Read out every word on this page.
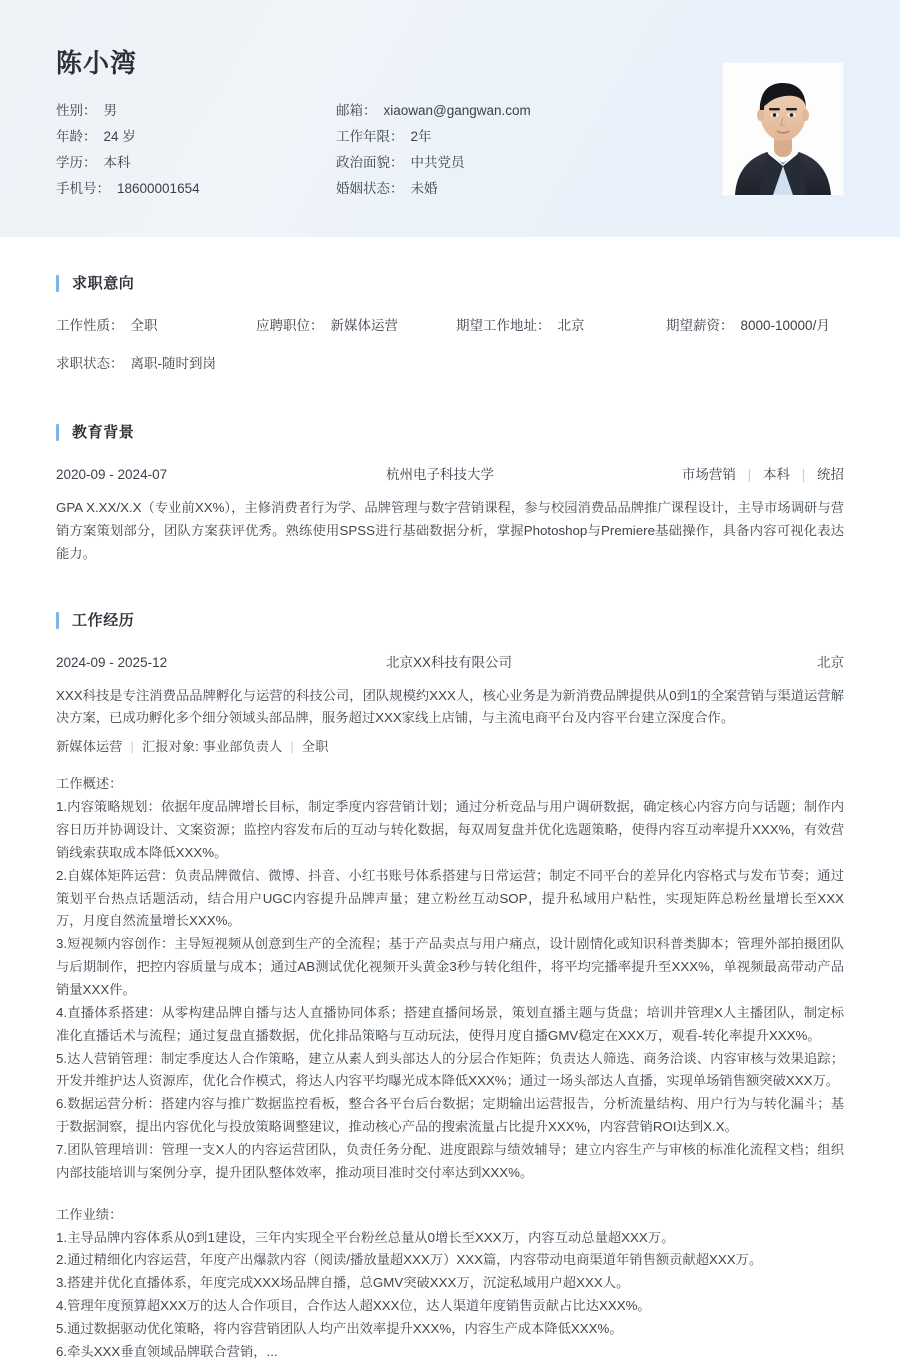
陈小湾
性别： 男	邮箱： xiaowan@gangwan.com
年龄： 24 岁	工作年限： 2年
学历： 本科	政治面貌： 中共党员
手机号： 18600001654	婚姻状态： 未婚
求职意向
工作性质： 全职	应聘职位： 新媒体运营	期望工作地址： 北京	期望薪资： 8000-10000/月
求职状态： 离职-随时到岗
教育背景
2020-09 - 2024-07	杭州电子科技大学	市场营销 | 本科 | 统招

GPA X.XX/X.X（专业前XX%），主修消费者行为学、品牌管理与数字营销课程，参与校园消费品品牌推广课程设计，主导市场调研与营销方案策划部分，团队方案获评优秀。熟练使用SPSS进行基础数据分析，掌握Photoshop与Premiere基础操作，具备内容可视化表达能力。

工作经历
2024-09 - 2025-12	北京XX科技有限公司	北京

XXX科技是专注消费品品牌孵化与运营的科技公司，团队规模约XXX人，核心业务是为新消费品牌提供从0到1的全案营销与渠道运营解决方案，已成功孵化多个细分领域头部品牌，服务超过XXX家线上店铺，与主流电商平台及内容平台建立深度合作。

新媒体运营 | 汇报对象: 事业部负责人 | 全职

工作概述：

1.内容策略规划：依据年度品牌增长目标，制定季度内容营销计划；通过分析竞品与用户调研数据，确定核心内容方向与话题；制作内容日历并协调设计、文案资源；监控内容发布后的互动与转化数据，每双周复盘并优化选题策略，使得内容互动率提升XXX%，有效营销线索获取成本降低XXX%。

2.自媒体矩阵运营：负责品牌微信、微博、抖音、小红书账号体系搭建与日常运营；制定不同平台的差异化内容格式与发布节奏；通过策划平台热点话题活动，结合用户UGC内容提升品牌声量；建立粉丝互动SOP，提升私域用户粘性，实现矩阵总粉丝量增长至XXX万，月度自然流量增长XXX%。

3.短视频内容创作：主导短视频从创意到生产的全流程；基于产品卖点与用户痛点，设计剧情化或知识科普类脚本；管理外部拍摄团队与后期制作，把控内容质量与成本；通过AB测试优化视频开头黄金3秒与转化组件，将平均完播率提升至XXX%，单视频最高带动产品销量XXX件。

4.直播体系搭建：从零构建品牌自播与达人直播协同体系；搭建直播间场景，策划直播主题与货盘；培训并管理X人主播团队，制定标准化直播话术与流程；通过复盘直播数据，优化排品策略与互动玩法，使得月度自播GMV稳定在XXX万，观看-转化率提升XXX%。

5.达人营销管理：制定季度达人合作策略，建立从素人到头部达人的分层合作矩阵；负责达人筛选、商务洽谈、内容审核与效果追踪；开发并维护达人资源库，优化合作模式，将达人内容平均曝光成本降低XXX%；通过一场头部达人直播，实现单场销售额突破XXX万。

6.数据运营分析：搭建内容与推广数据监控看板，整合各平台后台数据；定期输出运营报告，分析流量结构、用户行为与转化漏斗；基于数据洞察，提出内容优化与投放策略调整建议，推动核心产品的搜索流量占比提升XXX%，内容营销ROI达到X.X。

7.团队管理培训：管理一支X人的内容运营团队，负责任务分配、进度跟踪与绩效辅导；建立内容生产与审核的标准化流程文档；组织内部技能培训与案例分享，提升团队整体效率，推动项目准时交付率达到XXX%。

工作业绩：

1.主导品牌内容体系从0到1建设，三年内实现全平台粉丝总量从0增长至XXX万，内容互动总量超XXX万。

2.通过精细化内容运营，年度产出爆款内容（阅读/播放量超XXX万）XXX篇，内容带动电商渠道年销售额贡献超XXX万。

3.搭建并优化直播体系，年度完成XXX场品牌自播，总GMV突破XXX万，沉淀私域用户超XXX人。

4.管理年度预算超XXX万的达人合作项目，合作达人超XXX位，达人渠道年度销售贡献占比达XXX%。

5.通过数据驱动优化策略，将内容营销团队人均产出效率提升XXX%，内容生产成本降低XXX%。

6.牵头XXX垂直领域品牌联合营销，...
